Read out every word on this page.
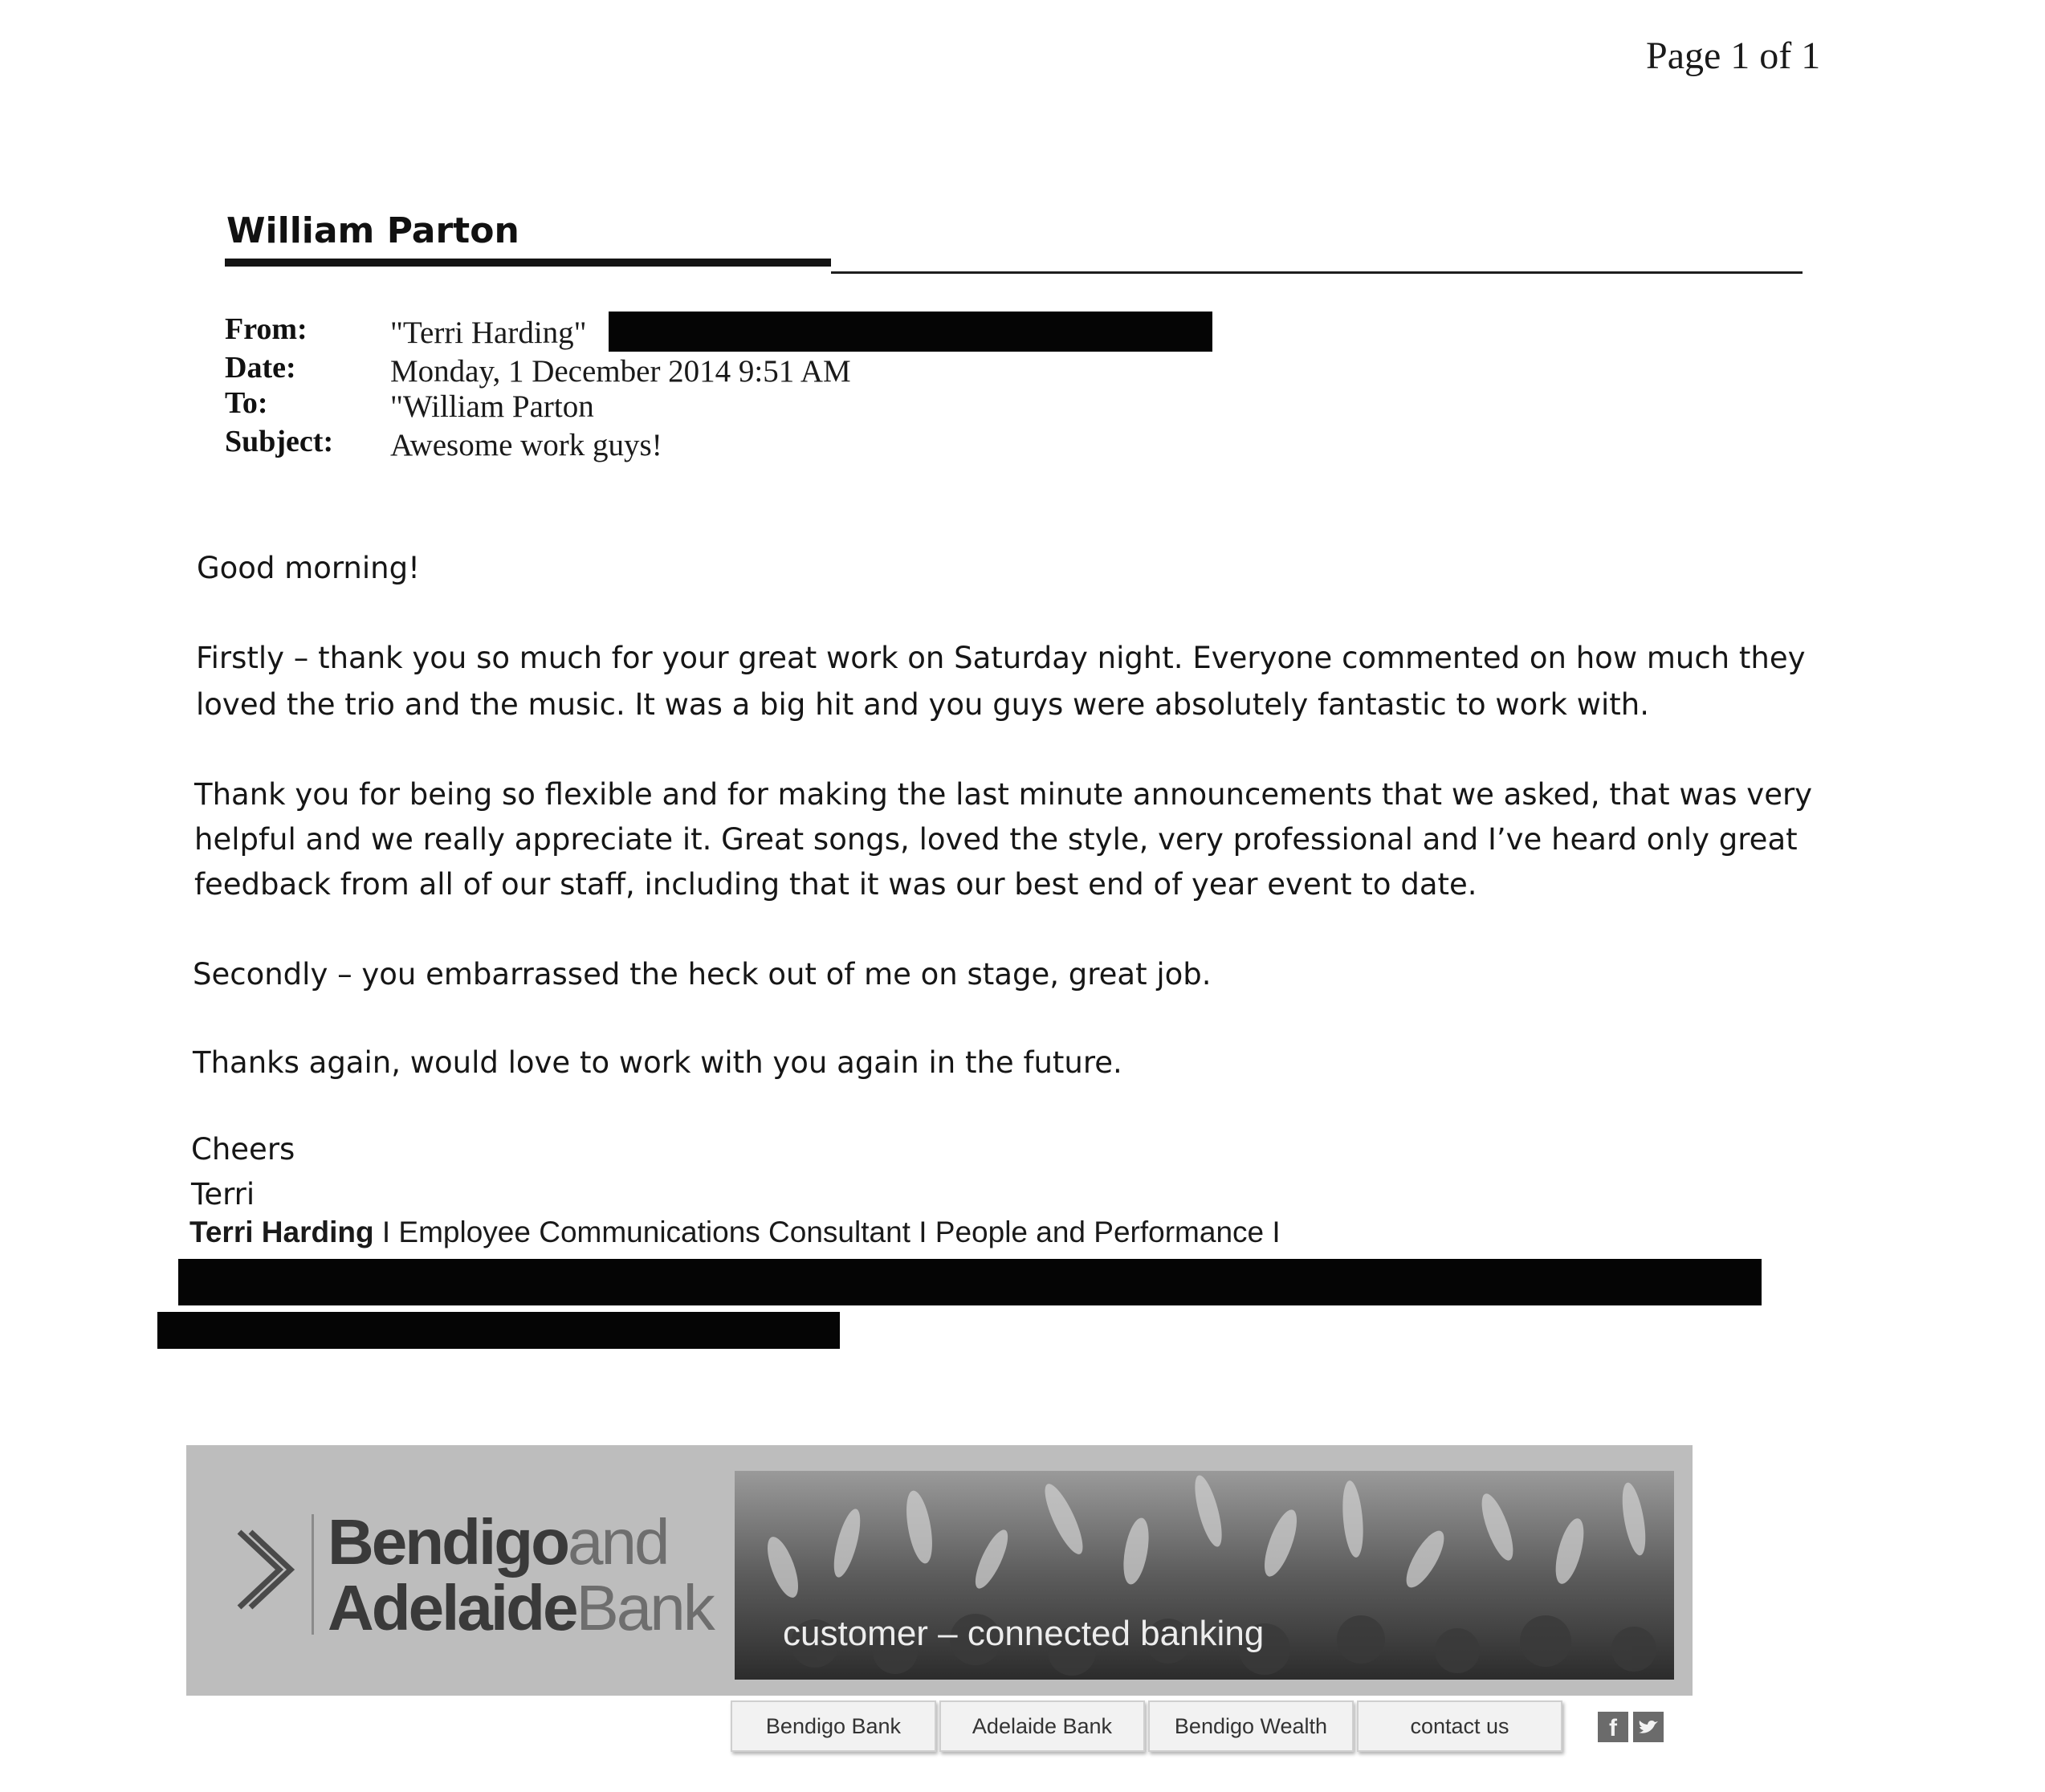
Page 1 of 1
William Parton
From:	"Terri Harding"
Date:	Monday, 1 December 2014 9:51 AM
To:	"William Parton
Subject: Awesome work guys!
Good morning!
Firstly – thank you so much for your great work on Saturday night. Everyone commented on how much they
loved the trio and the music. It was a big hit and you guys were absolutely fantastic to work with.
Thank you for being so flexible and for making the last minute announcements that we asked, that was very
helpful and we really appreciate it. Great songs, loved the style, very professional and I’ve heard only great
feedback from all of our staff, including that it was our best end of year event to date.
Secondly – you embarrassed the heck out of me on stage, great job.
Thanks again, would love to work with you again in the future.
Cheers
Terri
Terri Harding I Employee Communications Consultant I People and Performance I
Bendigoand
AdelaideBank customer – connected banking
Bendigo Bank	Adelaide Bank	Bendigo Wealth	contact us	f
